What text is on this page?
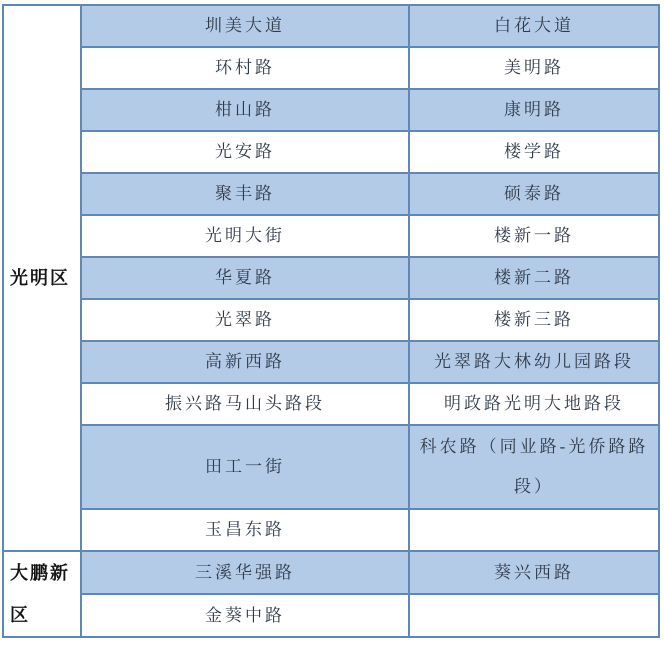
光明区	圳美大道	白花大道
	环村路	美明路
	柑山路	康明路
	光安路	楼学路
	聚丰路	硕泰路
	光明大街	楼新一路
	华夏路	楼新二路
	光翠路	楼新三路
	高新西路	光翠路大林幼儿园路段
	振兴路马山头路段	明政路光明大地路段
	田工一街	科农路（同业路-光侨路路段）
	玉昌东路	
大鹏新区	三溪华强路	葵兴西路
	金葵中路	
